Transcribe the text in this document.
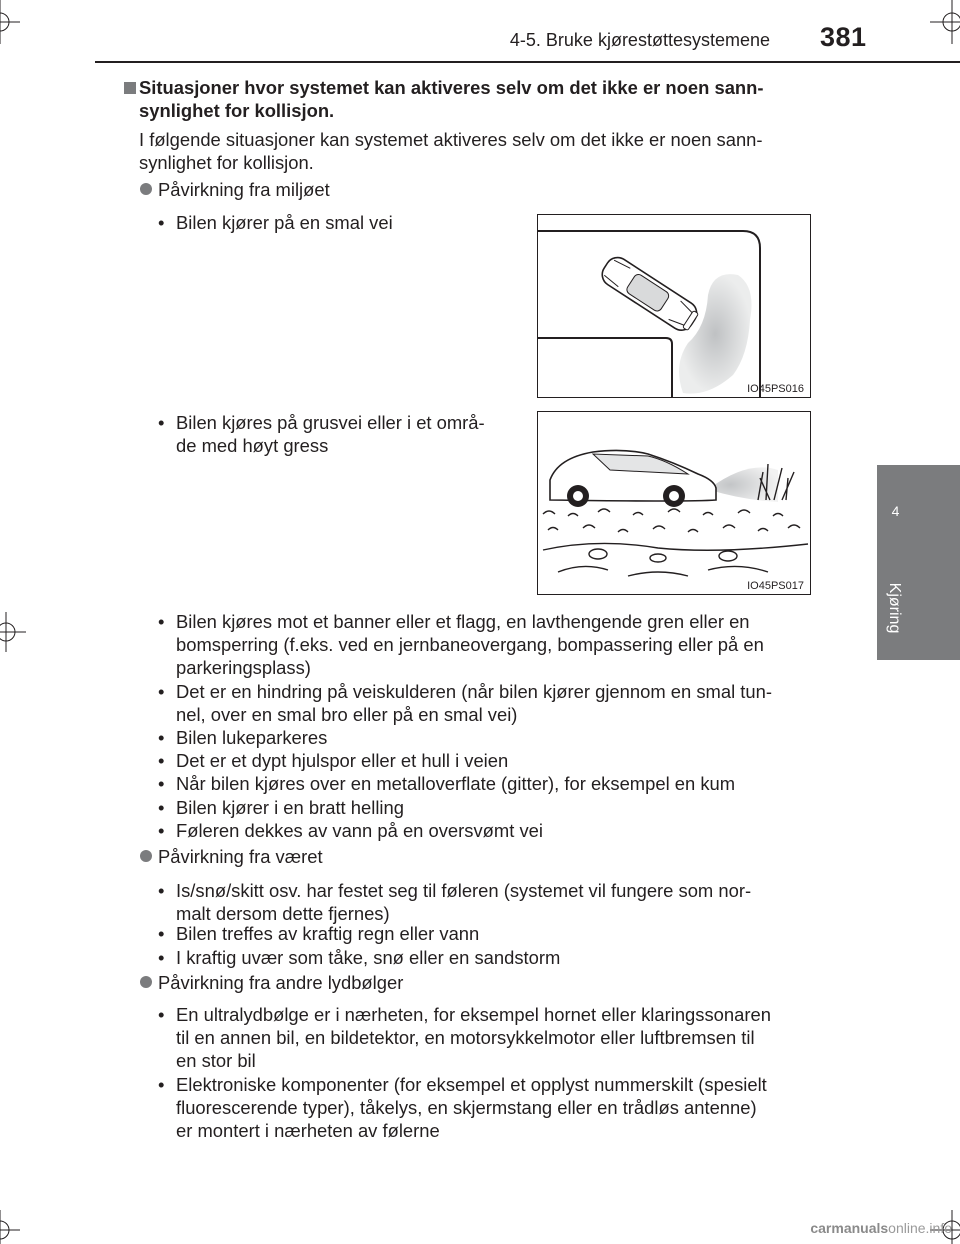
4-5. Bruke kjørestøttesystemene 381
4
Kjøring
Situasjoner hvor systemet kan aktiveres selv om det ikke er noen sann-
synlighet for kollisjon.
I følgende situasjoner kan systemet aktiveres selv om det ikke er noen sann-
synlighet for kollisjon.
Påvirkning fra miljøet
• Bilen kjører på en smal vei
IO45PS016
• Bilen kjøres på grusvei eller i et områ-
de med høyt gress
IO45PS017
• Bilen kjøres mot et banner eller et flagg, en lavthengende gren eller en
bomsperring (f.eks. ved en jernbaneovergang, bompassering eller på en
parkeringsplass)
• Det er en hindring på veiskulderen (når bilen kjører gjennom en smal tun-
nel, over en smal bro eller på en smal vei)
• Bilen lukeparkeres
• Det er et dypt hjulspor eller et hull i veien
• Når bilen kjøres over en metalloverflate (gitter), for eksempel en kum
• Bilen kjører i en bratt helling
• Føleren dekkes av vann på en oversvømt vei
Påvirkning fra været
• Is/snø/skitt osv. har festet seg til føleren (systemet vil fungere som nor-
malt dersom dette fjernes)
• Bilen treffes av kraftig regn eller vann
• I kraftig uvær som tåke, snø eller en sandstorm
Påvirkning fra andre lydbølger
• En ultralydbølge er i nærheten, for eksempel hornet eller klaringssonaren
til en annen bil, en bildetektor, en motorsykkelmotor eller luftbremsen til
en stor bil
• Elektroniske komponenter (for eksempel et opplyst nummerskilt (spesielt
fluorescerende typer), tåkelys, en skjermstang eller en trådløs antenne)
er montert i nærheten av følerne
carmanualsonline.info
